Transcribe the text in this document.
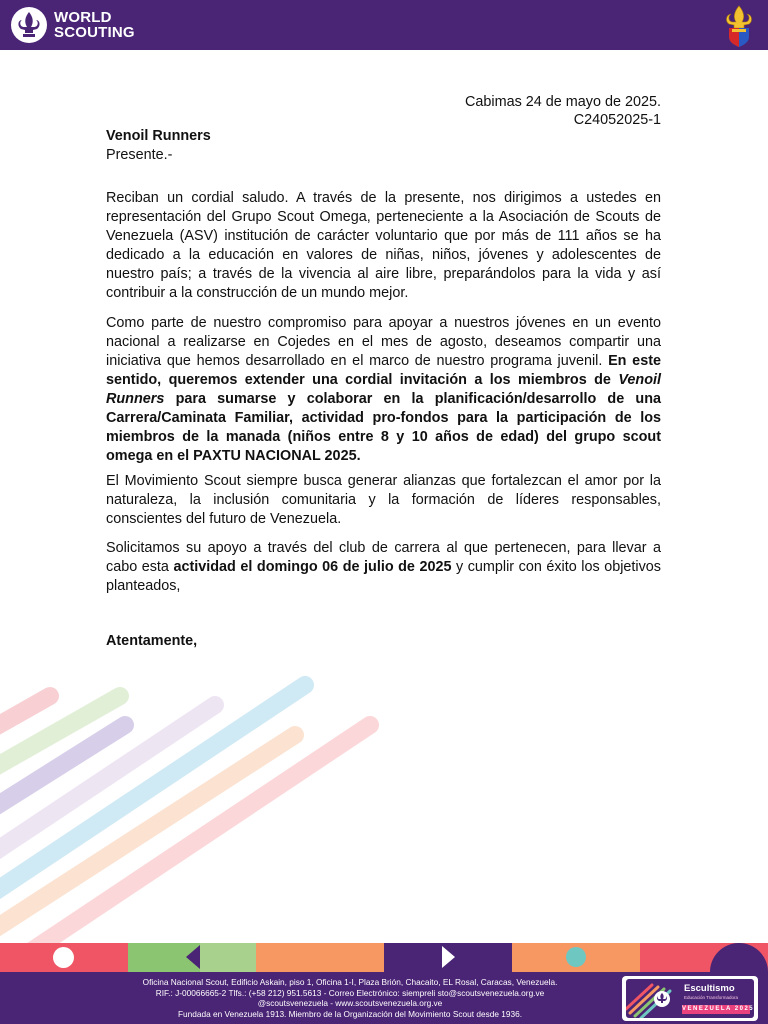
WORLD
SCOUTING
Cabimas 24 de mayo de 2025.
C24052025-1
Venoil Runners
Presente.-

Reciban un cordial saludo. A través de la presente, nos dirigimos a ustedes en representación del Grupo Scout Omega, perteneciente a la Asociación de Scouts de Venezuela (ASV) institución de carácter voluntario que por más de 111 años se ha dedicado a la educación en valores de niñas, niños, jóvenes y adolescentes de nuestro país; a través de la vivencia al aire libre, preparándolos para la vida y así contribuir a la construcción de un mundo mejor.

Como parte de nuestro compromiso para apoyar a nuestros jóvenes en un evento nacional a realizarse en Cojedes en el mes de agosto, deseamos compartir una iniciativa que hemos desarrollado en el marco de nuestro programa juvenil. En este sentido, queremos extender una cordial invitación a los miembros de Venoil Runners para sumarse y colaborar en la planificación/desarrollo de una Carrera/Caminata Familiar, actividad pro-fondos para la participación de los miembros de la manada (niños entre 8 y 10 años de edad) del grupo scout omega en el PAXTU NACIONAL 2025.

El Movimiento Scout siempre busca generar alianzas que fortalezcan el amor por la naturaleza, la inclusión comunitaria y la formación de líderes responsables, conscientes del futuro de Venezuela.

Solicitamos su apoyo a través del club de carrera al que pertenecen, para llevar a cabo esta actividad el domingo 06 de julio de 2025 y cumplir con éxito los objetivos planteados,

Atentamente,
Oficina Nacional Scout, Edificio Askain, piso 1, Oficina 1-I, Plaza Brión, Chacaito, EL Rosal, Caracas, Venezuela.
RIF.: J-00066665-2 Tlfs.: (+58 212) 951.5613 - Correo Electrónico: siempreli sto@scoutsvenezuela.org.ve
@scoutsvenezuela - www.scoutsvenezuela.org.ve
Fundada en Venezuela 1913. Miembro de la Organización del Movimiento Scout desde 1936.
Escultismo
Educación Transformadora
VENEZUELA 2025
